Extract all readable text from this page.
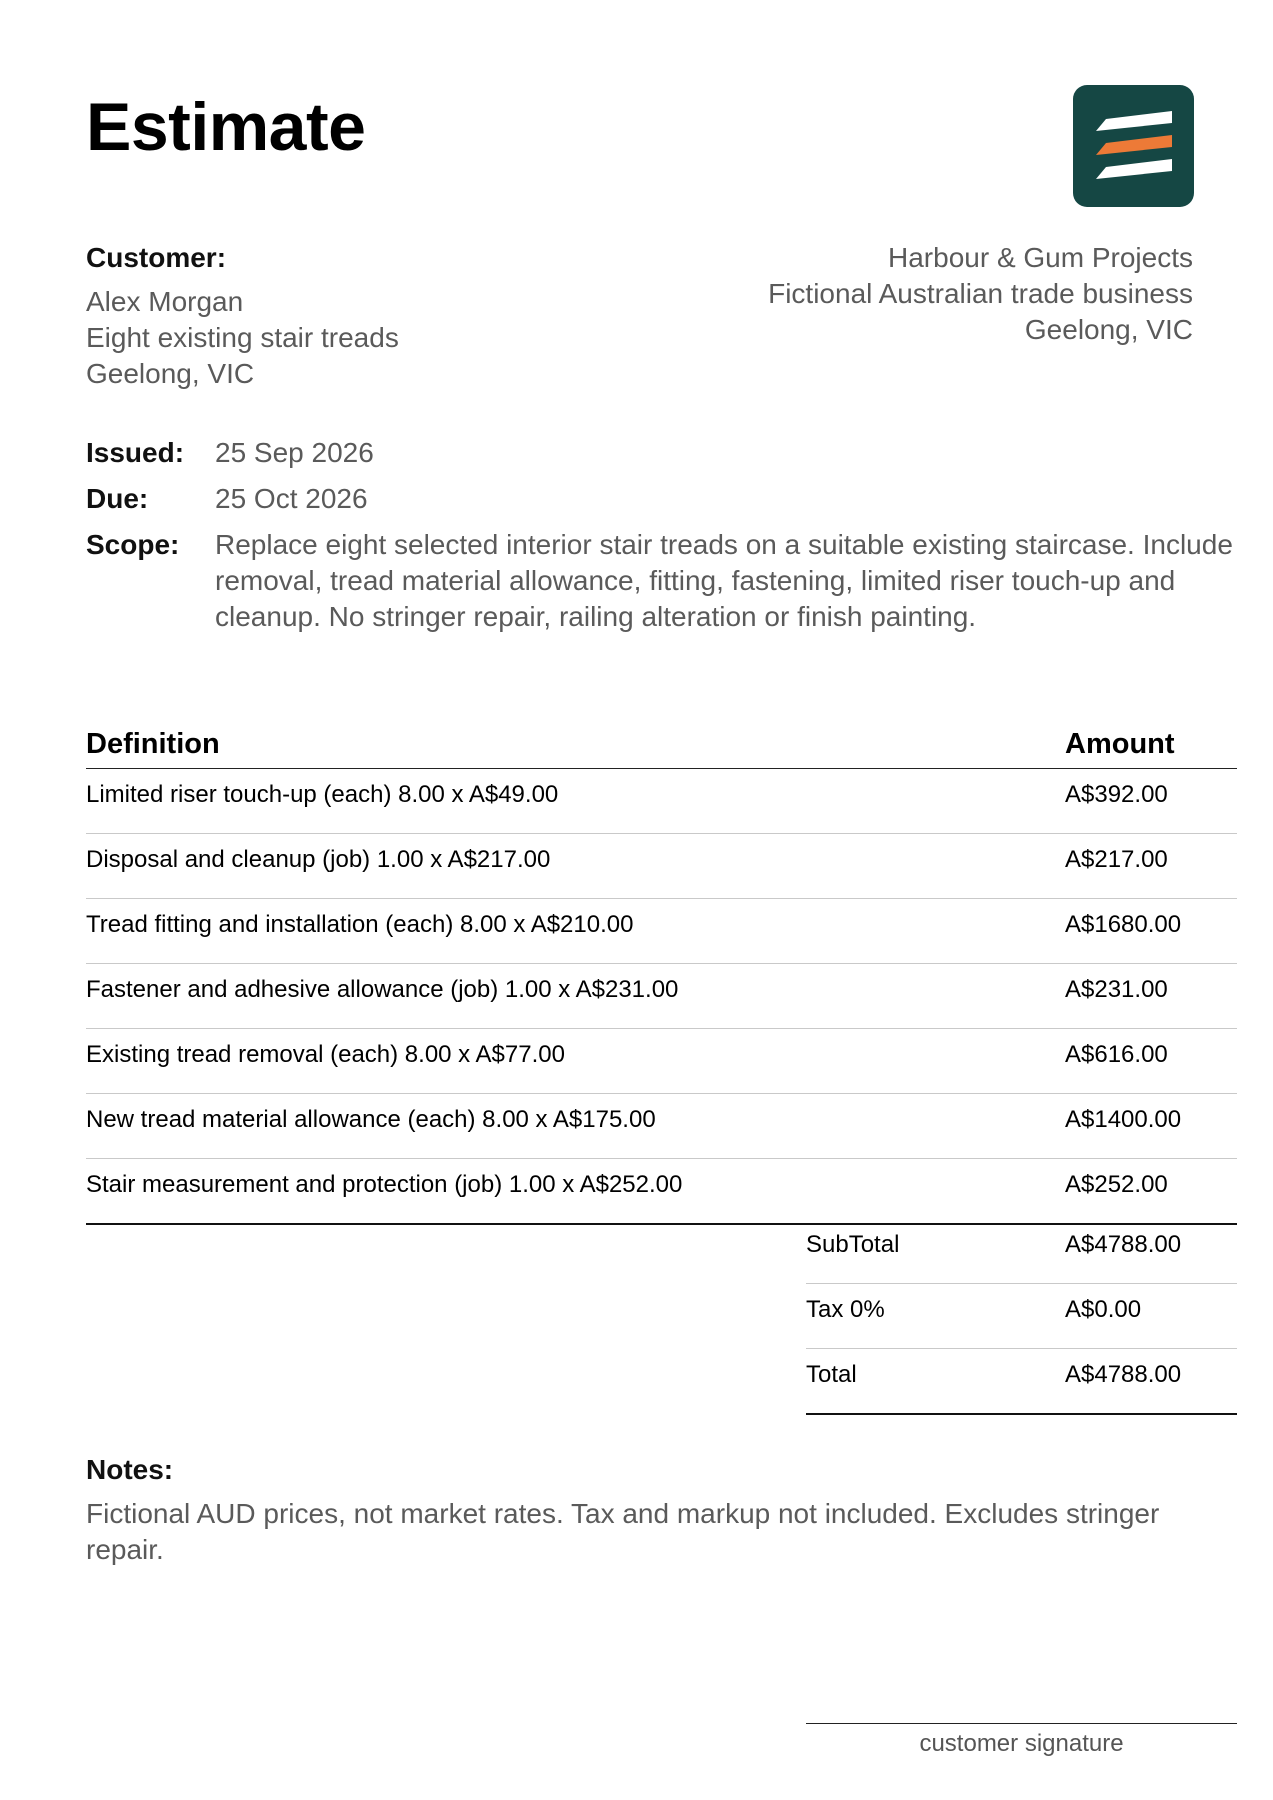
Estimate
Customer:
Alex Morgan
Eight existing stair treads
Geelong, VIC
Harbour & Gum Projects
Fictional Australian trade business
Geelong, VIC
Issued:	25 Sep 2026
Due:	25 Oct 2026
Scope:	Replace eight selected interior stair treads on a suitable existing staircase. Include removal, tread material allowance, fitting, fastening, limited riser touch-up and cleanup. No stringer repair, railing alteration or finish painting.
Definition	Amount
Limited riser touch-up (each) 8.00 x A$49.00	A$392.00
Disposal and cleanup (job) 1.00 x A$217.00	A$217.00
Tread fitting and installation (each) 8.00 x A$210.00	A$1680.00
Fastener and adhesive allowance (job) 1.00 x A$231.00	A$231.00
Existing tread removal (each) 8.00 x A$77.00	A$616.00
New tread material allowance (each) 8.00 x A$175.00	A$1400.00
Stair measurement and protection (job) 1.00 x A$252.00	A$252.00
SubTotal	A$4788.00
Tax 0%	A$0.00
Total	A$4788.00
Notes:
Fictional AUD prices, not market rates. Tax and markup not included. Excludes stringer repair.
customer signature
